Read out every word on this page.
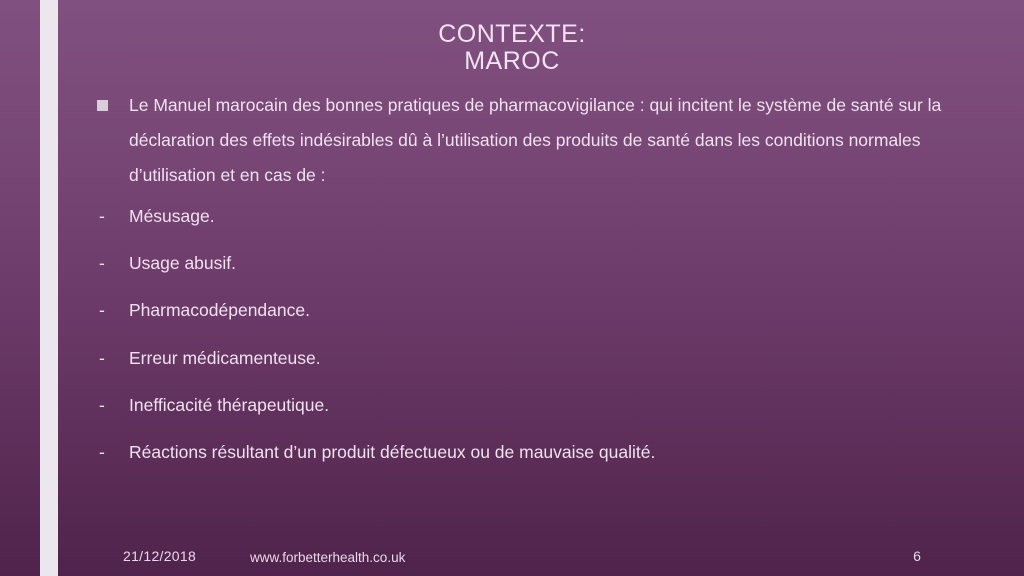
CONTEXTE:
MAROC

Le Manuel marocain des bonnes pratiques de pharmacovigilance : qui incitent le système de santé sur la déclaration des effets indésirables dû à l’utilisation des produits de santé dans les conditions normales d’utilisation et en cas de :

-	Mésusage.
-	Usage abusif.
-	Pharmacodépendance.
-	Erreur médicamenteuse.
-	Inefficacité thérapeutique.
-	Réactions résultant d’un produit défectueux ou de mauvaise qualité.
21/12/2018	www.forbetterhealth.co.uk	6
